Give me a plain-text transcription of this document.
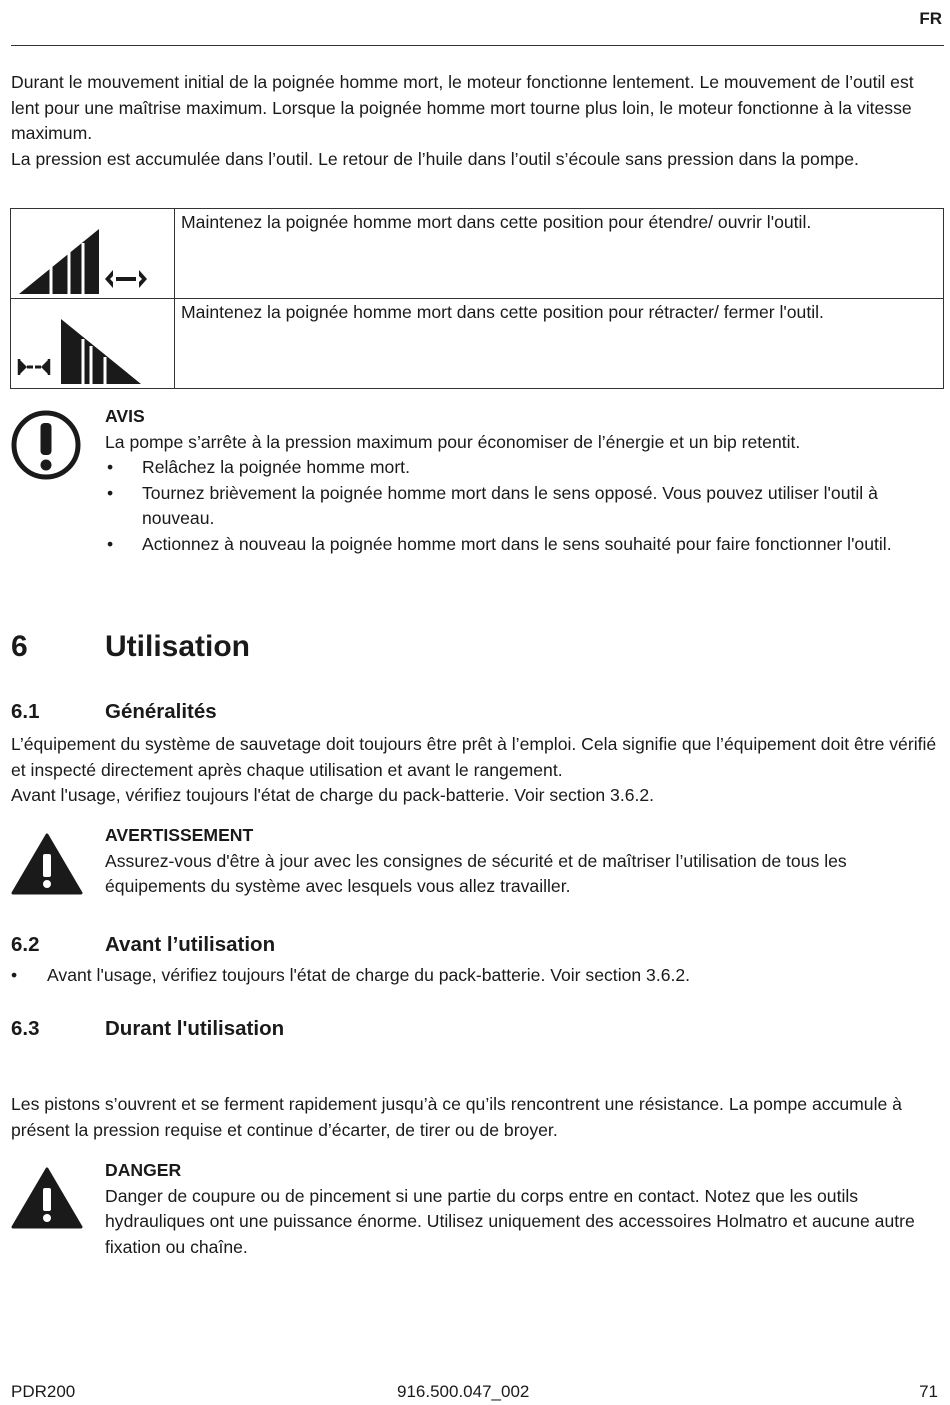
FR

Durant le mouvement initial de la poignée homme mort, le moteur fonctionne lentement. Le mouvement de l’outil est lent pour une maîtrise maximum. Lorsque la poignée homme mort tourne plus loin, le moteur fonctionne à la vitesse maximum.

La pression est accumulée dans l’outil. Le retour de l’huile dans l’outil s’écoule sans pression dans la pompe.

	Maintenez la poignée homme mort dans cette position pour étendre/ ouvrir l'outil.

	Maintenez la poignée homme mort dans cette position pour rétracter/ fermer l'outil.
AVIS

La pompe s’arrête à la pression maximum pour économiser de l’énergie et un bip retentit.

• Relâchez la poignée homme mort.
• Tournez brièvement la poignée homme mort dans le sens opposé. Vous pouvez utiliser l'outil à nouveau.
• Actionnez à nouveau la poignée homme mort dans le sens souhaité pour faire fonctionner l'outil.
6	Utilisation
6.1	Généralités

L’équipement du système de sauvetage doit toujours être prêt à l’emploi. Cela signifie que l’équipement doit être vérifié et inspecté directement après chaque utilisation et avant le rangement.

Avant l'usage, vérifiez toujours l'état de charge du pack-batterie. Voir section 3.6.2.

AVERTISSEMENT

Assurez-vous d'être à jour avec les consignes de sécurité et de maîtriser l’utilisation de tous les équipements du système avec lesquels vous allez travailler.

6.2	Avant l’utilisation
• Avant l'usage, vérifiez toujours l'état de charge du pack-batterie. Voir section 3.6.2.
6.3	Durant l'utilisation

Les pistons s’ouvrent et se ferment rapidement jusqu’à ce qu’ils rencontrent une résistance. La pompe accumule à présent la pression requise et continue d’écarter, de tirer ou de broyer.

DANGER

Danger de coupure ou de pincement si une partie du corps entre en contact. Notez que les outils hydrauliques ont une puissance énorme. Utilisez uniquement des accessoires Holmatro et aucune autre fixation ou chaîne.

PDR200	916.500.047_002	71
